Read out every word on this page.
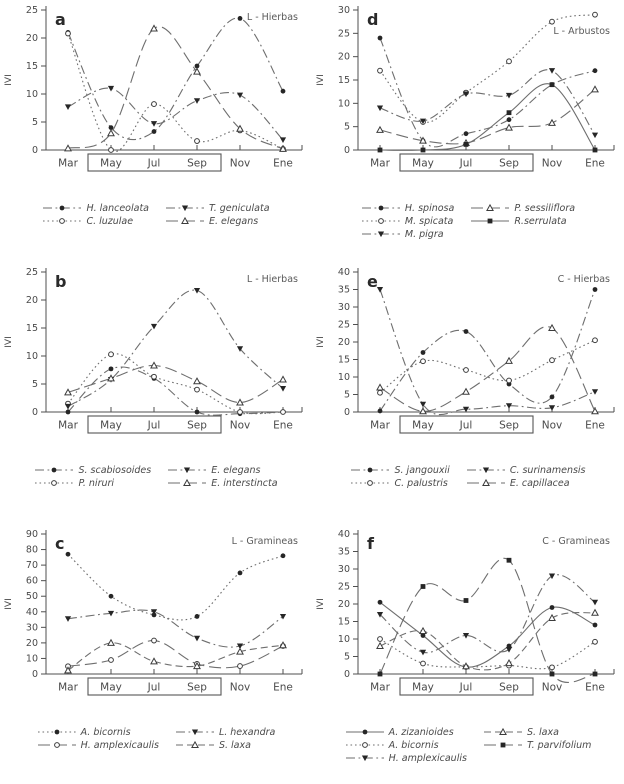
0
5
10
15
20
25
Mar May Jul	Sep Nov Ene
IVI
a	L - Hierbas
H. lanceolata
C. luzulae
T. geniculata
E. elegans
0
5
10
15
20
25
30
Mar May Jul	Sep Nov Ene
IVI
d
L - Arbustos
H. spinosa
M. spicata
M. pigra
P. sessiliflora
R.serrulata
0
5
10
15
20
25
Mar May Jul	Sep Nov Ene
IVI
b	L - Hierbas
S. scabiosoides
P. niruri
E. elegans
E. interstincta
0
5
10
15
20
25
30
35
40
Mar May Jul	Sep Nov Ene
IVI
e	C - Hierbas
S. jangouxii
C. palustris
C. surinamensis
E. capillacea
0
10
20
30
40
50
60
70
80
90
Mar May Jul	Sep Nov Ene
IVI
c	L - Gramineas
A. bicornis
H. amplexicaulis
L. hexandra
S. laxa
0
5
10
15
20
25
30
35
40
Mar May Jul	Sep Nov Ene
IVI
f	C - Gramineas
A. zizanioides
A. bicornis
H. amplexicaulis
S. laxa
T. parvifolium
